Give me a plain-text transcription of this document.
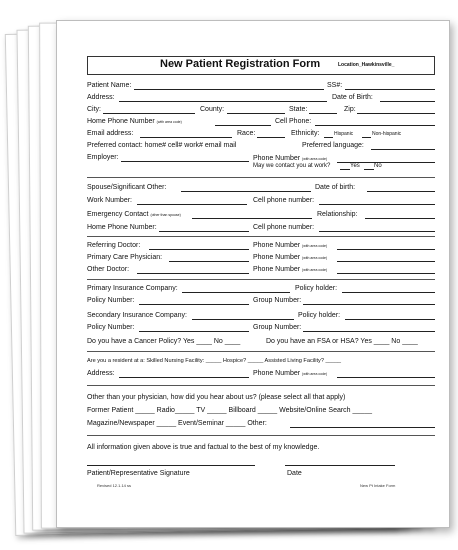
New Patient Registration Form	Location_Hawkinsville_
Patient Name:	SS#:
Address:	Date of Birth:
City:	County:	State:	Zip:
Home Phone Number (with area code)	Cell Phone:
Email address:	Race:	Ethnicity:	Hispanic	Non-hispanic
Preferred contact: home# cell# work# email mail	Preferred language:
Employer:	Phone Number (with area code)
May we contact you at work?	Yes No
Spouse/Significant Other:	Date of birth:
Work Number:	Cell phone number:
Emergency Contact (other than spouse)	Relationship:
Home Phone Number:	Cell phone number:
Referring Doctor:	Phone Number (with area code)
Primary Care Physician:	Phone Number (with area code)
Other Doctor:	Phone Number (with area code)
Primary Insurance Company:	Policy holder:
Policy Number:	Group Number:
Secondary Insurance Company:	Policy holder:
Policy Number:	Group Number:
Do you have a Cancer Policy? Yes ____ No ____	Do you have an FSA or HSA? Yes ____ No ____
Are you a resident at a: Skilled Nursing Facility: _____ Hospice? _____ Assisted Living Facility? _____
Address:	Phone Number (with area code)
Other than your physician, how did you hear about us? (please select all that apply)
Former Patient _____ Radio_____ TV _____ Billboard _____ Website/Online Search _____
Magazine/Newspaper _____ Event/Seminar _____ Other:
All information given above is true and factual to the best of my knowledge.
Patient/Representative Signature	Date
Revised 12.1.14 ss	New Pt Intake Form
